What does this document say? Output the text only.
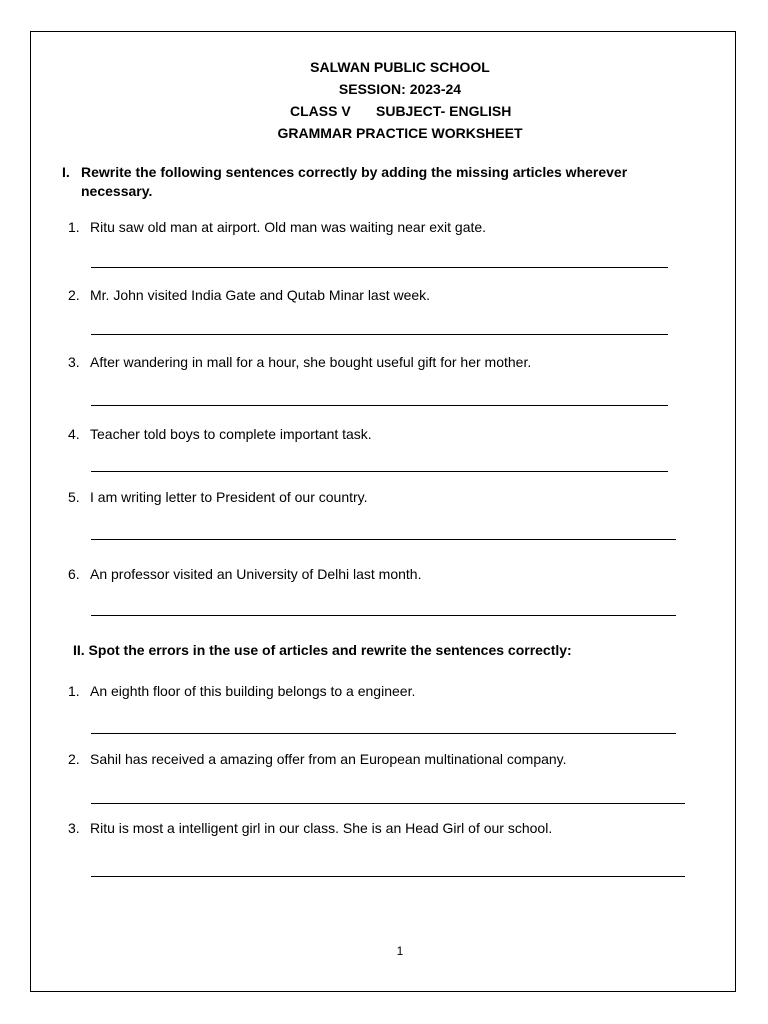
SALWAN PUBLIC SCHOOL
SESSION: 2023-24
CLASS V SUBJECT- ENGLISH
GRAMMAR PRACTICE WORKSHEET
I. Rewrite the following sentences correctly by adding the missing articles wherever
necessary.
1. Ritu saw old man at airport. Old man was waiting near exit gate.
2. Mr. John visited India Gate and Qutab Minar last week.
3. After wandering in mall for a hour, she bought useful gift for her mother.
4. Teacher told boys to complete important task.
5. I am writing letter to President of our country.
6. An professor visited an University of Delhi last month.
II. Spot the errors in the use of articles and rewrite the sentences correctly:
1. An eighth floor of this building belongs to a engineer.
2. Sahil has received a amazing offer from an European multinational company.
3. Ritu is most a intelligent girl in our class. She is an Head Girl of our school.
1
